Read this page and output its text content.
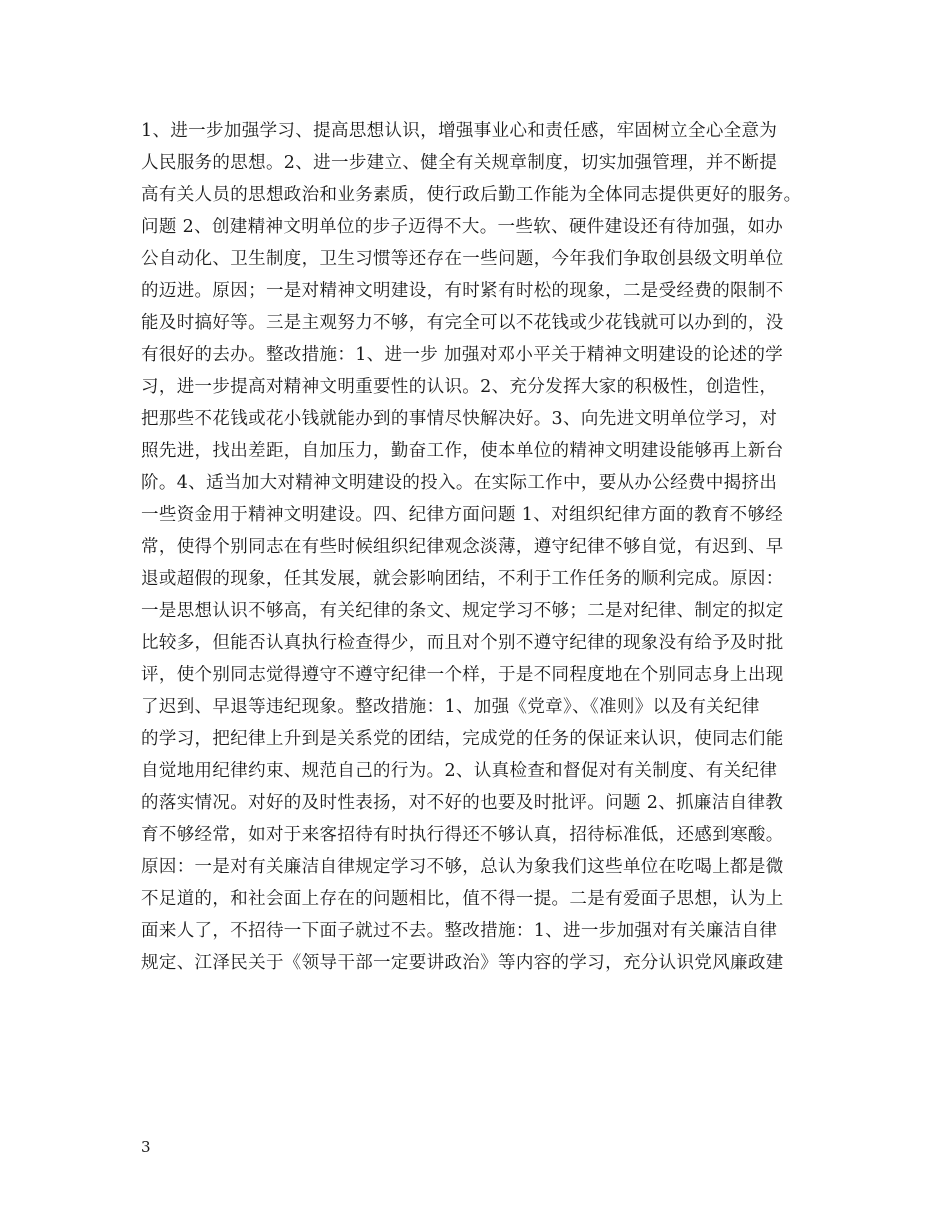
1、进一步加强学习、提高思想认识，增强事业心和责任感，牢固树立全心全意为
人民服务的思想。2、进一步建立、健全有关规章制度，切实加强管理，并不断提
高有关人员的思想政治和业务素质，使行政后勤工作能为全体同志提供更好的服务。
问题 2、创建精神文明单位的步子迈得不大。一些软、硬件建设还有待加强，如办
公自动化、卫生制度，卫生习惯等还存在一些问题，今年我们争取创县级文明单位
的迈进。原因；一是对精神文明建设，有时紧有时松的现象，二是受经费的限制不
能及时搞好等。三是主观努力不够，有完全可以不花钱或少花钱就可以办到的，没
有很好的去办。整改措施：1、进一步 加强对邓小平关于精神文明建设的论述的学
习，进一步提高对精神文明重要性的认识。2、充分发挥大家的积极性，创造性，
把那些不花钱或花小钱就能办到的事情尽快解决好。3、向先进文明单位学习，对
照先进，找出差距，自加压力，勤奋工作，使本单位的精神文明建设能够再上新台
阶。4、适当加大对精神文明建设的投入。在实际工作中，要从办公经费中揭挤出
一些资金用于精神文明建设。四、纪律方面问题 1、对组织纪律方面的教育不够经
常，使得个别同志在有些时候组织纪律观念淡薄，遵守纪律不够自觉，有迟到、早
退或超假的现象，任其发展，就会影响团结，不利于工作任务的顺利完成。原因：
一是思想认识不够高，有关纪律的条文、规定学习不够；二是对纪律、制定的拟定
比较多，但能否认真执行检查得少，而且对个别不遵守纪律的现象没有给予及时批
评，使个别同志觉得遵守不遵守纪律一个样，于是不同程度地在个别同志身上出现
了迟到、早退等违纪现象。整改措施：1、加强《党章》、《准则》以及有关纪律
的学习，把纪律上升到是关系党的团结，完成党的任务的保证来认识，使同志们能
自觉地用纪律约束、规范自己的行为。2、认真检查和督促对有关制度、有关纪律
的落实情况。对好的及时性表扬，对不好的也要及时批评。问题 2、抓廉洁自律教
育不够经常，如对于来客招待有时执行得还不够认真，招待标准低，还感到寒酸。
原因：一是对有关廉洁自律规定学习不够，总认为象我们这些单位在吃喝上都是微
不足道的，和社会面上存在的问题相比，值不得一提。二是有爱面子思想，认为上
面来人了，不招待一下面子就过不去。整改措施：1、进一步加强对有关廉洁自律
规定、江泽民关于《领导干部一定要讲政治》等内容的学习，充分认识党风廉政建
3
